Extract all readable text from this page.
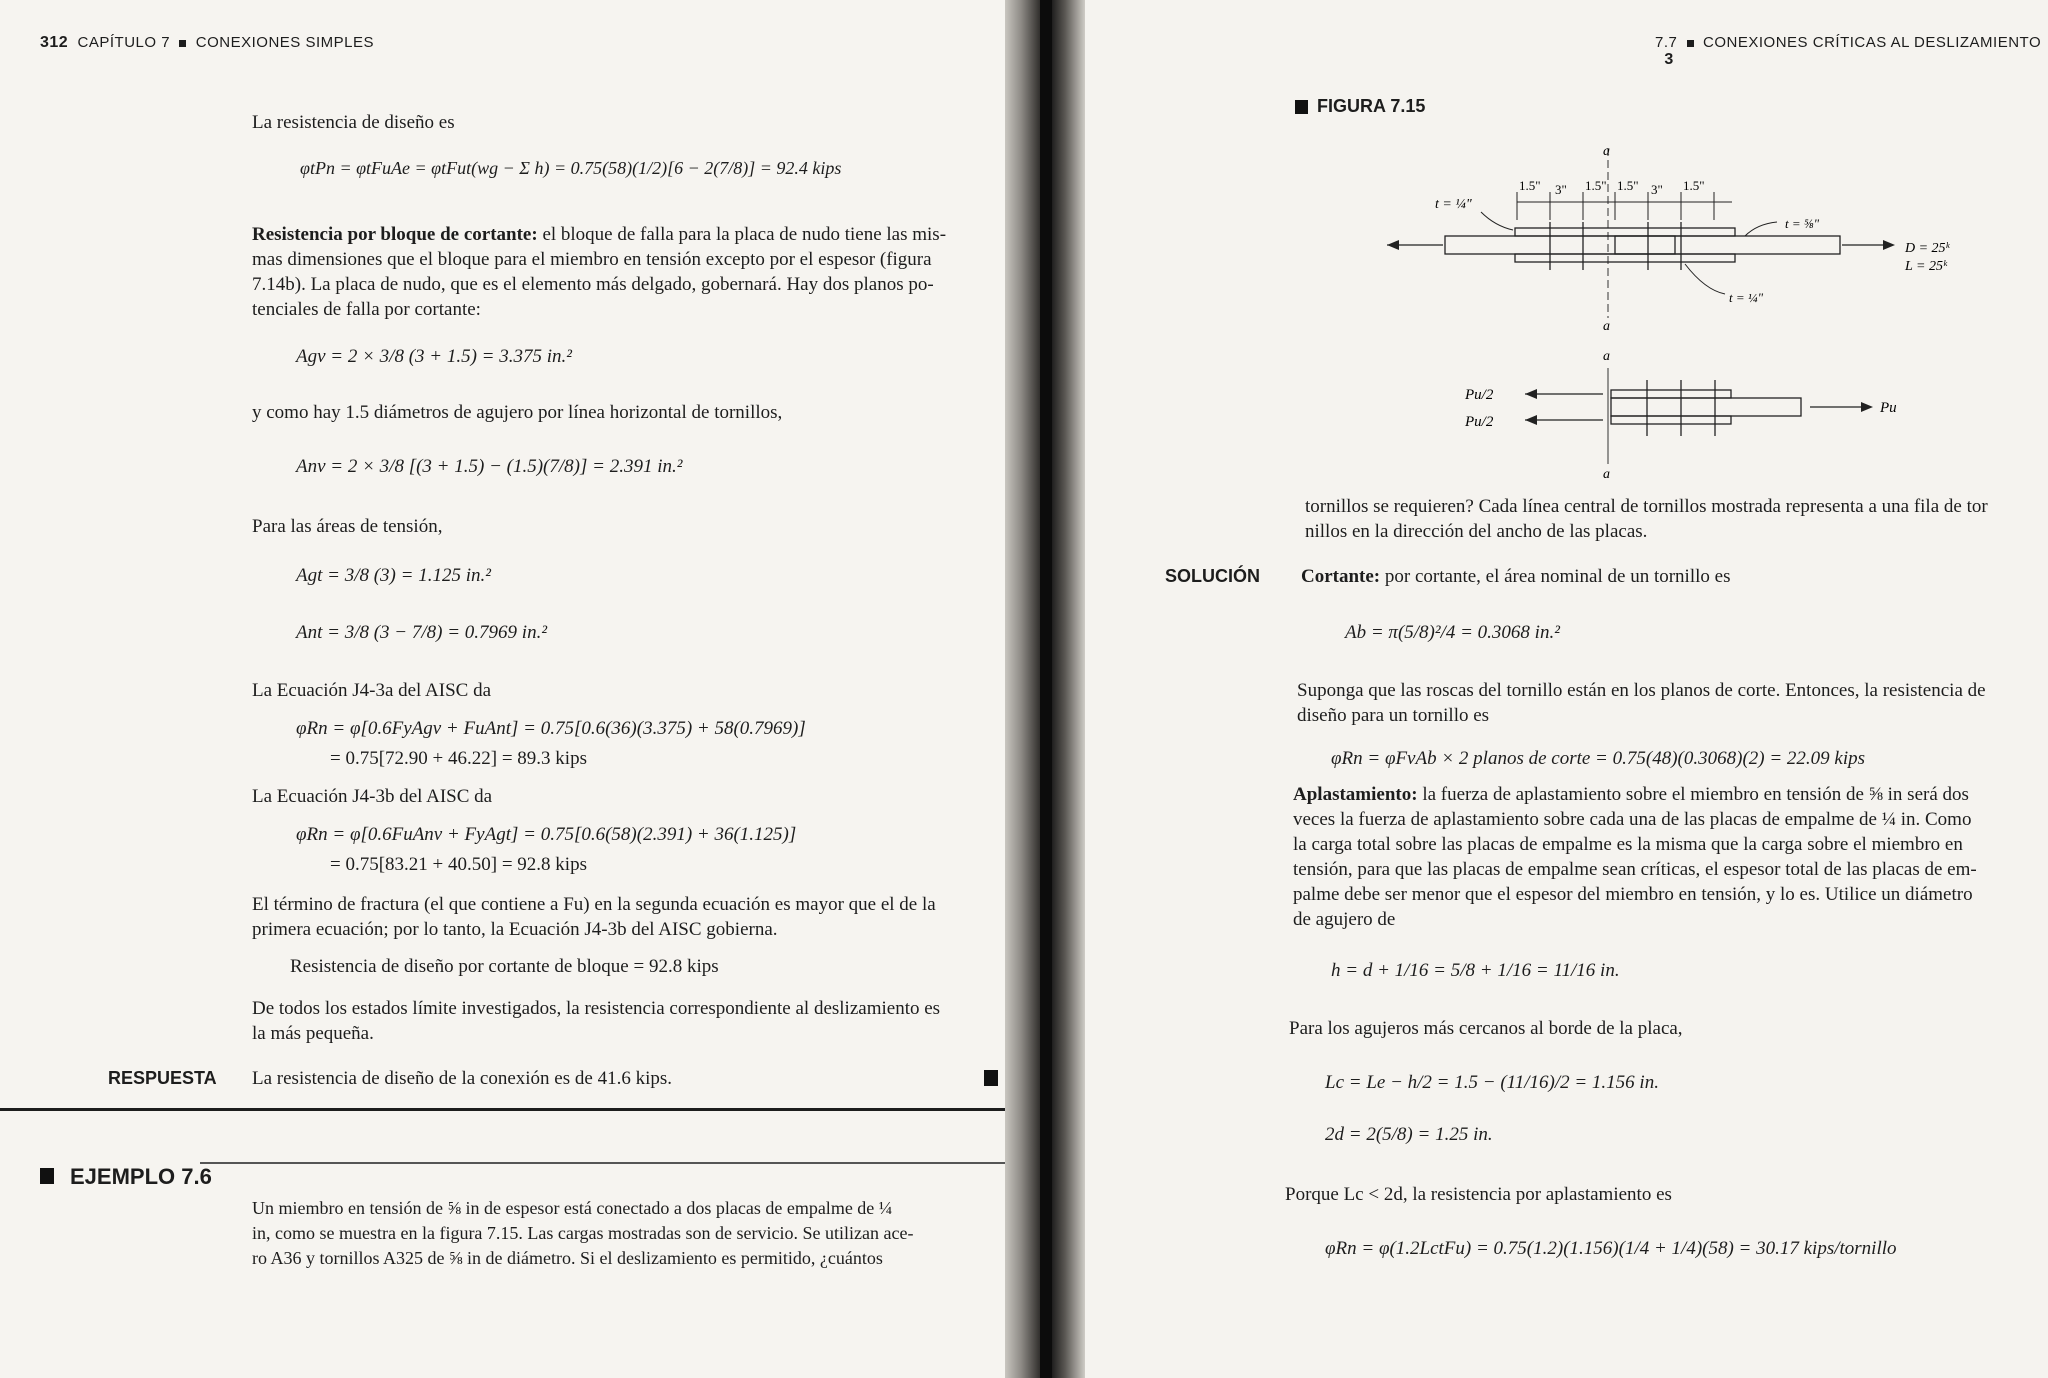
312 CAPÍTULO 7 CONEXIONES SIMPLES
La resistencia de diseño es
φtPn = φtFuAe = φtFut(wg − Σ h) = 0.75(58)(1/2)[6 − 2(7/8)] = 92.4 kips
Resistencia por bloque de cortante: el bloque de falla para la placa de nudo tiene las mis-
mas dimensiones que el bloque para el miembro en tensión excepto por el espesor (figura
7.14b). La placa de nudo, que es el elemento más delgado, gobernará. Hay dos planos po-
tenciales de falla por cortante:
Agv = 2 × 3/8 (3 + 1.5) = 3.375 in.²
y como hay 1.5 diámetros de agujero por línea horizontal de tornillos,
Anv = 2 × 3/8 [(3 + 1.5) − (1.5)(7/8)] = 2.391 in.²
Para las áreas de tensión,
Agt = 3/8 (3) = 1.125 in.²
Ant = 3/8 (3 − 7/8) = 0.7969 in.²
La Ecuación J4-3a del AISC da
φRn = φ[0.6FyAgv + FuAnt] = 0.75[0.6(36)(3.375) + 58(0.7969)]
= 0.75[72.90 + 46.22] = 89.3 kips
La Ecuación J4-3b del AISC da
φRn = φ[0.6FuAnv + FyAgt] = 0.75[0.6(58)(2.391) + 36(1.125)]
= 0.75[83.21 + 40.50] = 92.8 kips
El término de fractura (el que contiene a Fu) en la segunda ecuación es mayor que el de la
primera ecuación; por lo tanto, la Ecuación J4-3b del AISC gobierna.
Resistencia de diseño por cortante de bloque = 92.8 kips
De todos los estados límite investigados, la resistencia correspondiente al deslizamiento es
la más pequeña.
RESPUESTA La resistencia de diseño de la conexión es de 41.6 kips.
EJEMPLO 7.6
Un miembro en tensión de ⅝ in de espesor está conectado a dos placas de empalme de ¼
in, como se muestra en la figura 7.15. Las cargas mostradas son de servicio. Se utilizan ace-
ro A36 y tornillos A325 de ⅝ in de diámetro. Si el deslizamiento es permitido, ¿cuántos
7.7 CONEXIONES CRÍTICAS AL DESLIZAMIENTO   3
FIGURA 7.15
a
a
1.5" 3" 1.5" 1.5" 3" 1.5"
t = ¼"
t = ⅝"
D = 25ᵏ
L = 25ᵏ
t = ¼"
a
a
Pu/2
Pu/2
Pu
tornillos se requieren? Cada línea central de tornillos mostrada representa a una fila de tor
nillos en la dirección del ancho de las placas.
SOLUCIÓN Cortante: por cortante, el área nominal de un tornillo es
Ab = π(5/8)²/4 = 0.3068 in.²
Suponga que las roscas del tornillo están en los planos de corte. Entonces, la resistencia de
diseño para un tornillo es
φRn = φFvAb × 2 planos de corte = 0.75(48)(0.3068)(2) = 22.09 kips
Aplastamiento: la fuerza de aplastamiento sobre el miembro en tensión de ⅝ in será dos
veces la fuerza de aplastamiento sobre cada una de las placas de empalme de ¼ in. Como
la carga total sobre las placas de empalme es la misma que la carga sobre el miembro en
tensión, para que las placas de empalme sean críticas, el espesor total de las placas de em-
palme debe ser menor que el espesor del miembro en tensión, y lo es. Utilice un diámetro
de agujero de
h = d + 1/16 = 5/8 + 1/16 = 11/16 in.
Para los agujeros más cercanos al borde de la placa,
Lc = Le − h/2 = 1.5 − (11/16)/2 = 1.156 in.
2d = 2(5/8) = 1.25 in.
Porque Lc < 2d, la resistencia por aplastamiento es
φRn = φ(1.2LctFu) = 0.75(1.2)(1.156)(1/4 + 1/4)(58) = 30.17 kips/tornillo
